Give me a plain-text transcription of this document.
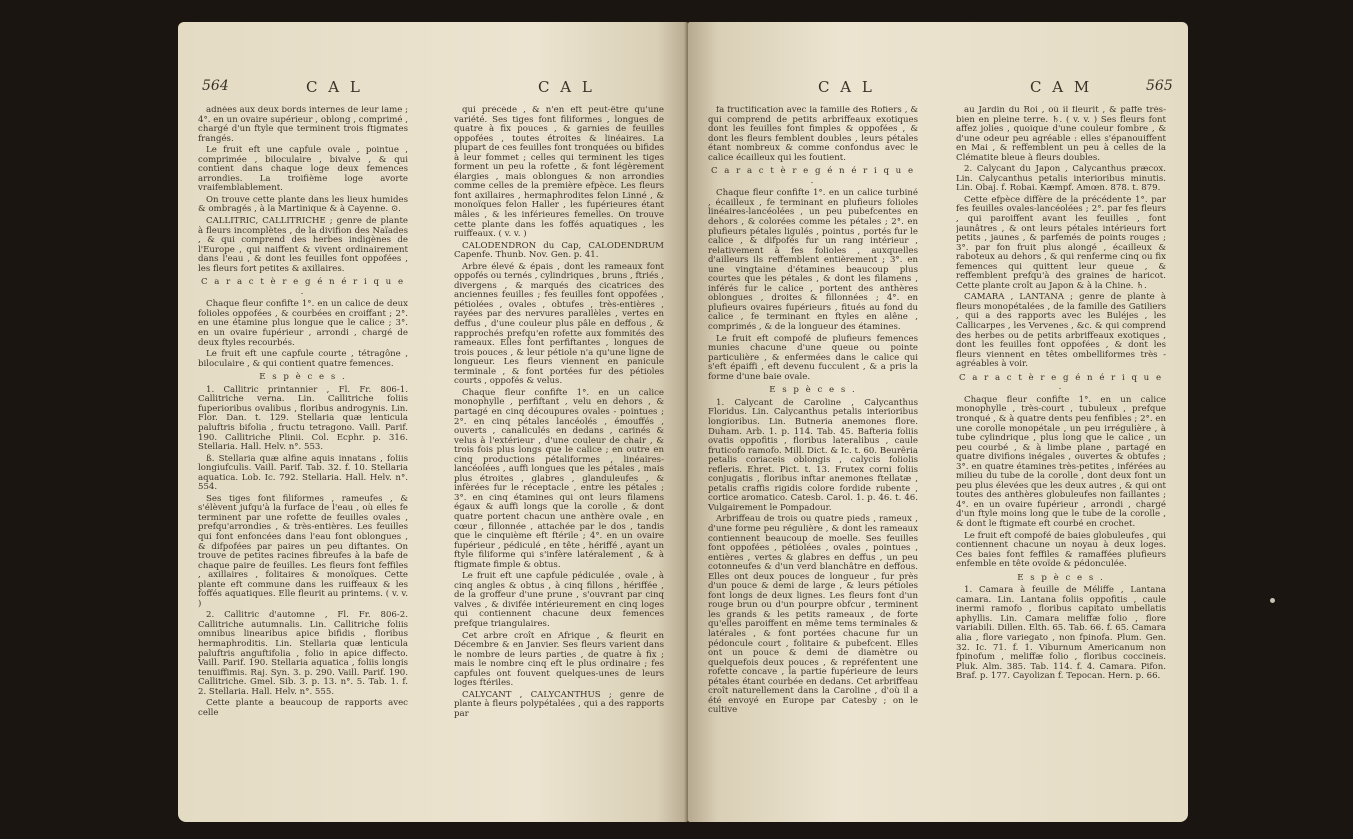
564	C A L	C A L

adnées aux deux bords internes de leur lame ; 4°. en un ovaire supérieur , oblong , comprimé , chargé d'un ftyle que terminent trois ftigmates frangés.

Le fruit eft une capfule ovale , pointue , comprimée , biloculaire , bivalve , & qui contient dans chaque loge deux femences arrondies. La troifième loge avorte vraifemblablement.

On trouve cette plante dans les lieux humides & ombragés , à la Martinique & à Cayenne. ⊙.

CALLITRIC, CALLITRICHE ; genre de plante à fleurs incomplètes , de la divifion des Naïades , & qui comprend des herbes indigènes de l'Europe , qui naiffent & vivent ordinairement dans l'eau , & dont les feuilles font oppofées , les fleurs fort petites & axillaires.

C a r a c t è r e g é n é r i q u e .

Chaque fleur confifte 1°. en un calice de deux folioles oppofées , & courbées en croiffant ; 2°. en une étamine plus longue que le calice ; 3°. en un ovaire fupérieur , arrondi , chargé de deux ftyles recourbés.

Le fruit eft une capfule courte , tétragône , biloculaire , & qui contient quatre femences.

E s p è c e s .

1. Callitric printannier , Fl. Fr. 806-1. Callitriche verna. Lin. Callitriche foliis fuperioribus ovalibus , floribus androgynis. Lin. Flor. Dan. t. 129. Stellaria quæ lenticula paluftris bifolia , fructu tetragono. Vaill. Parif. 190. Callitriche Plinii. Col. Ecphr. p. 316. Stellaria. Hall. Helv. n°. 553.

ß. Stellaria quæ alfine aquis innatans , foliis longiufculis. Vaill. Parif. Tab. 32. f. 10. Stellaria aquatica. Lob. Ic. 792. Stellaria. Hall. Helv. n°. 554.

Ses tiges font filiformes , rameufes , & s'élèvent jufqu'à la furface de l'eau , où elles fe terminent par une rofette de feuilles ovales , prefqu'arrondies , & très-entières. Les feuilles qui font enfoncées dans l'eau font oblongues , & difpofées par paires un peu diftantes. On trouve de petites racines fibreufes à la bafe de chaque paire de feuilles. Les fleurs font feffiles , axillaires , folitaires & monoïques. Cette plante eft commune dans les ruiffeaux & les foffés aquatiques. Elle fleurit au printems. ( v. v. )

2. Callitric d'automne , Fl. Fr. 806-2. Callitriche autumnalis. Lin. Callitriche foliis omnibus linearibus apice bifidis , floribus hermaphroditis. Lin. Stellaria quæ lenticula paluftris anguftifolia , folio in apice diffecto. Vaill. Parif. 190. Stellaria aquatica , foliis longis tenuiffimis. Raj. Syn. 3. p. 290. Vaill. Parif. 190. Callitriche. Gmel. Sib. 3. p. 13. n°. 5. Tab. 1. f. 2. Stellaria. Hall. Helv. n°. 555.

Cette plante a beaucoup de rapports avec celle

qui précède , & n'en eft peut-être qu'une variété. Ses tiges font filiformes , longues de quatre à fix pouces , & garnies de feuilles oppofées , toutes étroites & linéaires. La plupart de ces feuilles font tronquées ou bifides à leur fommet ; celles qui terminent les tiges forment un peu la rofette , & font légèrement élargies , mais oblongues & non arrondies comme celles de la première efpèce. Les fleurs font axillaires , hermaphrodites felon Linné , & monoïques felon Haller , les fupérieures étant mâles , & les inférieures femelles. On trouve cette plante dans les foffés aquatiques , les ruiffeaux. ( v. v. )

CALODENDRON du Cap, CALODENDRUM Capenfe. Thunb. Nov. Gen. p. 41.

Arbre élevé & épais , dont les rameaux font oppofés ou ternés , cylindriques , bruns , ftriés , divergens , & marqués des cicatrices des anciennes feuilles ; fes feuilles font oppofées , pétiolées , ovales , obtufes , très-entières , rayées par des nervures parallèles , vertes en deffus , d'une couleur plus pâle en deffous , & rapprochés prefqu'en rofette aux fommités des rameaux. Elles font perfiftantes , longues de trois pouces , & leur pétiole n'a qu'une ligne de longueur. Les fleurs viennent en panicule terminale , & font portées fur des pétioles courts , oppofés & velus.

Chaque fleur confifte 1°. en un calice monophylle , perfiftant , velu en dehors , & partagé en cinq découpures ovales - pointues ; 2°. en cinq pétales lancéolés , émouffés , ouverts , canaliculés en dedans , carinés & velus à l'extérieur , d'une couleur de chair , & trois fois plus longs que le calice ; en outre en cinq productions pétaliformes , linéaires-lancéolées , auffi longues que les pétales , mais plus étroites , glabres , glanduleufes , & infèrées fur le réceptacle , entre les pétales ; 3°. en cinq étamines qui ont leurs filamens égaux & auffi longs que la corolle , & dont quatre portent chacun une anthère ovale , en cœur , fillonnée , attachée par le dos , tandis que le cinquième eft ftérile ; 4°. en un ovaire fupérieur , pédiculé , en tête , hériffé , ayant un ftyle filiforme qui s'infère latéralement , & à ftigmate fimple & obtus.

Le fruit eft une capfule pédiculée , ovale , à cinq angles & obtus , à cinq fillons , hériffée , de la groffeur d'une prune , s'ouvrant par cinq valves , & divifée intérieurement en cinq loges qui contiennent chacune deux femences prefque triangulaires.

Cet arbre croît en Afrique , & fleurit en Décembre & en Janvier. Ses fleurs varient dans le nombre de leurs parties , de quatre à fix ; mais le nombre cinq eft le plus ordinaire ; fes capfules ont fouvent quelques-unes de leurs loges ftériles.

CALYCANT , CALYCANTHUS ; genre de plante à fleurs polypétalées , qui a des rapports par

C A L	C A M	565

fa fructification avec la famille des Rofiers , & qui comprend de petits arbriffeaux exotiques dont les feuilles font fimples & oppofées , & dont les fleurs femblent doubles , leurs pétales étant nombreux & comme confondus avec le calice écailleux qui les foutient.

C a r a c t è r e g é n é r i q u e .

Chaque fleur confifte 1°. en un calice turbiné , écailleux , fe terminant en plufieurs folioles linéaires-lancéolées , un peu pubefcentes en dehors , & colorées comme les pétales ; 2°. en plufieurs pétales ligulés , pointus , portés fur le calice , & difpofés fur un rang intérieur , relativement à fes folioles , auxquelles d'ailleurs ils reffemblent entièrement ; 3°. en une vingtaine d'étamines beaucoup plus courtes que les pétales , & dont les filamens , inférés fur le calice , portent des anthères oblongues , droites & fillonnées ; 4°. en plufieurs ovaires fupérieurs , fitués au fond du calice , fe terminant en ftyles en alêne , comprimés , & de la longueur des étamines.

Le fruit eft compofé de plufieurs femences munies chacune d'une queue ou pointe particulière , & enfermées dans le calice qui s'eft épaiffi , eft devenu fucculent , & a pris la forme d'une baie ovale.

E s p è c e s .

1. Calycant de Caroline , Calycanthus Floridus. Lin. Calycanthus petalis interioribus longioribus. Lin. Butneria anemones flore. Duham. Arb. 1. p. 114. Tab. 45. Bafteria foliis ovatis oppofitis , floribus lateralibus , caule fruticofo ramofo. Mill. Dict. & Ic. t. 60. Beurêria petalis coriaceis oblongis , calycis foliolis refleris. Ehret. Pict. t. 13. Frutex corni foliis conjugatis , floribus inftar anemones ftellatæ , petalis craffis rigidis colore fordide rubente , cortice aromatico. Catesb. Carol. 1. p. 46. t. 46. Vulgairement le Pompadour.

Arbriffeau de trois ou quatre pieds , rameux , d'une forme peu régulière , & dont les rameaux contiennent beaucoup de moelle. Ses feuilles font oppofées , pétiolées , ovales , pointues , entières , vertes & glabres en deffus , un peu cotonneufes & d'un verd blanchâtre en deffous. Elles ont deux pouces de longueur , fur près d'un pouce & demi de large , & leurs pétioles font longs de deux lignes. Les fleurs font d'un rouge brun ou d'un pourpre obfcur , terminent les grands & les petits rameaux , de forte qu'elles paroiffent en même tems terminales & latérales , & font portées chacune fur un pédoncule court , folitaire & pubefcent. Elles ont un pouce & demi de diamètre ou quelquefois deux pouces , & repréfentent une rofette concave , la partie fupérieure de leurs pétales étant courbée en dedans. Cet arbriffeau croît naturellement dans la Caroline , d'où il a été envoyé en Europe par Catesby ; on le cultive

au Jardin du Roi , où il fleurit , & paffe très-bien en pleine terre. ♄. ( v. v. ) Ses fleurs font affez jolies , quoique d'une couleur fombre , & d'une odeur peu agréable : elles s'épanouiffent en Mai , & reffemblent un peu à celles de la Clématite bleue à fleurs doubles.

2. Calycant du Japon , Calycanthus præcox. Lin. Calycanthus petalis interioribus minutis. Lin. Obaj. f. Robai. Kæmpf. Amœn. 878. t. 879.

Cette efpèce diffère de la précédente 1°. par fes feuilles ovales-lancéolées ; 2°. par fes fleurs , qui paroiffent avant les feuilles , font jaunâtres , & ont leurs pétales intérieurs fort petits , jaunes , & parfemés de points rouges ; 3°. par fon fruit plus alongé , écailleux & raboteux au dehors , & qui renferme cinq ou fix femences qui quittent leur queue , & reffemblent prefqu'à des graines de haricot. Cette plante croît au Japon & à la Chine. ♄.

CAMARA , LANTANA ; genre de plante à fleurs monopétalées , de la famille des Gatiliers , qui a des rapports avec les Buléjes , les Callicarpes , les Vervenes , &c. & qui comprend des herbes ou de petits arbriffeaux exotiques , dont les feuilles font oppofées , & dont les fleurs viennent en têtes ombelliformes très - agréables à voir.

C a r a c t è r e g é n é r i q u e .

Chaque fleur confifte 1°. en un calice monophylle , très-court , tubuleux , prefque tronqué , & à quatre dents peu fenfibles ; 2°. en une corolle monopétale , un peu irrégulière , à tube cylindrique , plus long que le calice , un peu courbé , & à limbe plane , partagé en quatre divifions inégales , ouvertes & obtufes ; 3°. en quatre étamines très-petites , inférées au milieu du tube de la corolle , dont deux font un peu plus élevées que les deux autres , & qui ont toutes des anthères globuleufes non faillantes ; 4°. en un ovaire fupérieur , arrondi , chargé d'un ftyle moins long que le tube de la corolle , & dont le ftigmate eft courbé en crochet.

Le fruit eft compofé de baies globuleufes , qui contiennent chacune un noyau à deux loges. Ces baies font feffiles & ramaffées plufieurs enfemble en tête ovoïde & pédonculée.

E s p è c e s .

1. Camara à feuille de Méliffe , Lantana camara. Lin. Lantana foliis oppofitis , caule inermi ramofo , floribus capitato umbellatis aphyllis. Lin. Camara meliffæ folio , flore variabili. Dillen. Elth. 65. Tab. 66. f. 65. Camara alia , flore variegato , non fpinofa. Plum. Gen. 32. Ic. 71. f. 1. Viburnum Americanum non fpinofum , meliffæ folio , floribus coccineis. Pluk. Alm. 385. Tab. 114. f. 4. Camara. Pifon. Braf. p. 177. Cayolizan f. Tepocan. Hern. p. 66.
